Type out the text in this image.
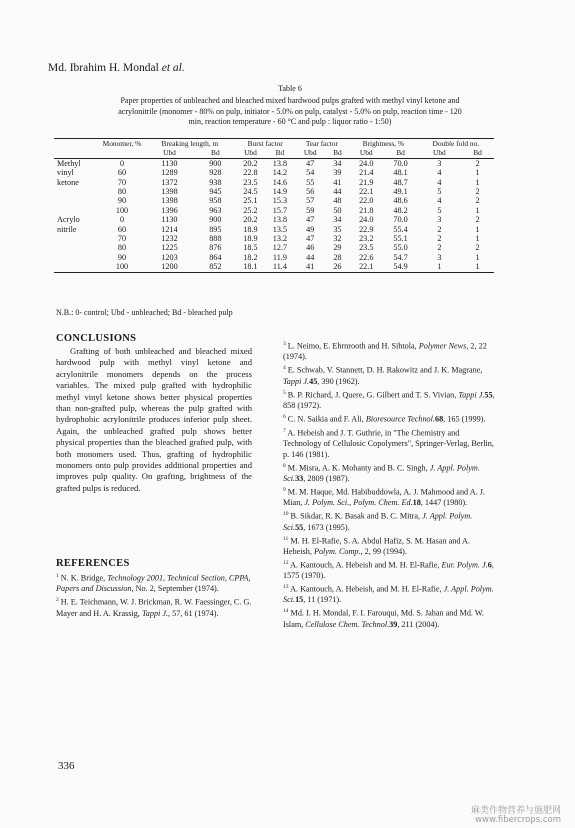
Md. Ibrahim H. Mondal et al.
Table 6
Paper properties of unbleached and bleached mixed hardwood pulps grafted with methyl vinyl ketone and
acrylonitrile (monomer - 80% on pulp, initiator - 5.0% on pulp, catalyst - 5.0% on pulp, reaction time - 120
min, reaction temperature - 60 °C and pulp : liquor ratio - 1:50)
	Monomer, %	Breaking length, m		Burst factor		Tear factor		Brightness, %		Double fold no.	
		Ubd	Bd	Ubd	Bd	Ubd	Bd	Ubd	Bd	Ubd	Bd
Methyl	0	1130	900	20.2	13.8	47	34	24.0	70.0	3	2
vinyl	60	1289	928	22.8	14.2	54	39	21.4	48.1	4	1
ketone	70	1372	938	23.5	14.6	55	41	21.9	48.7	4	1
	80	1398	945	24.5	14.9	56	44	22.1	49.1	5	2
	90	1398	958	25.1	15.3	57	48	22.0	48.6	4	2
	100	1396	963	25.2	15.7	59	50	21.8	48.2	5	1
Acrylo	0	1130	900	20.2	13.8	47	34	24.0	70.0	3	2
nitrile	60	1214	895	18.9	13.5	49	35	22.9	55.4	2	1
	70	1232	888	18.9	13.2	47	32	23.2	55.1	2	1
	80	1225	876	18.5	12.7	46	29	23.5	55.0	2	2
	90	1203	864	18.2	11.9	44	28	22.6	54.7	3	1
	100	1200	852	18.1	11.4	41	26	22.1	54.9	1	1
N.B.: 0- control; Ubd - unbleached; Bd - bleached pulp
CONCLUSIONS
Grafting of both unbleached and bleached mixed hardwood pulp with methyl vinyl ketone and acrylonitrile monomers depends on the process variables. The mixed pulp grafted with hydrophilic methyl vinyl ketone shows better physical properties than non-grafted pulp, whereas the pulp grafted with hydrophobic acrylonitrile produces inferior pulp sheet. Again, the unbleached grafted pulp shows better physical properties than the bleached grafted pulp, with both monomers used. Thus, grafting of hydrophilic monomers onto pulp provides additional properties and improves pulp quality. On grafting, brightness of the grafted pulps is reduced.
REFERENCES

$^1$ N. K. Bridge, Technology 2001, Technical Section, CPPA, Papers and Discussion, No. 2, September (1974).

$^2$ H. E. Teichmann, W. J. Brickman, R. W. Faessinger, C. G. Mayer and H. A. Krassig, Tappi J., 57, 61 (1974).

$^3$ L. Neimo, E. Ehrnrooth and H. Sihtola, Polymer News, 2, 22 (1974).

$^4$ E. Schwab, V. Stannett, D. H. Rakowitz and J. K. Magrane, Tappi J.45, 390 (1962).

$^5$ B. P. Richard, J. Quere, G. Gilbert and T. S. Vivian, Tappi J.55, 858 (1972).

$^6$ C. N. Saikia and F. Ali, Bioresource Technol.68, 165 (1999).

$^7$ A. Hebeish and J. T. Guthrie, in "The Chemistry and Technology of Cellulosic Copolymers", Springer-Verlag, Berlin, p. 146 (1981).

$^8$ M. Misra, A. K. Mohanty and B. C. Singh, J. Appl. Polym. Sci.33, 2809 (1987).

$^9$ M. M. Haque, Md. Habibuddowla, A. J. Mahmood and A. J. Mian, J. Polym. Sci., Polym. Chem. Ed.18, 1447 (1980).

$^{10}$ B. Sikdar, R. K. Basak and B. C. Mitra, J. Appl. Polym. Sci.55, 1673 (1995).

$^{11}$ M. H. El-Rafie, S. A. Abdul Hafiz, S. M. Hasan and A. Hebeish, Polym. Comp., 2, 99 (1994).

$^{12}$ A. Kantouch, A. Hebeish and M. H. El-Rafie, Eur. Polym. J.6, 1575 (1970).

$^{13}$ A. Kantouch, A. Hebeish, and M. H. El-Rafie, J. Appl. Polym. Sci.15, 11 (1971).

$^{14}$ Md. I. H. Mondal, F. I. Farouqui, Md. S. Jahan and Md. W. Islam, Cellulose Chem. Technol.39, 211 (2004).

336
麻类作物营养与施肥网
www.fibercrops.com
